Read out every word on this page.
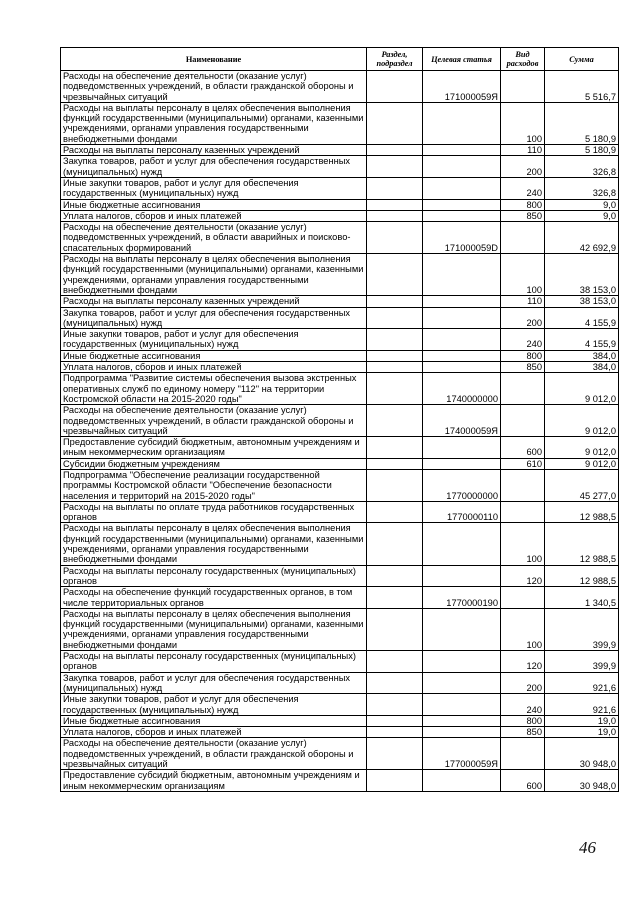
Наименование	Раздел, подраздел	Целевая статья	Вид расходов	Сумма
Расходы на обеспечение деятельности (оказание услуг) подведомственных учреждений, в области гражданской обороны и чрезвычайных ситуаций		171000059Я		5 516,7
Расходы на выплаты персоналу в целях обеспечения выполнения функций государственными (муниципальными) органами, казенными учреждениями, органами управления государственными внебюджетными фондами			100	5 180,9
Расходы на выплаты персоналу казенных учреждений			110	5 180,9
Закупка товаров, работ и услуг для обеспечения государственных (муниципальных) нужд			200	326,8
Иные закупки товаров, работ и услуг для обеспечения государственных (муниципальных) нужд			240	326,8
Иные бюджетные ассигнования			800	9,0
Уплата налогов, сборов и иных платежей			850	9,0
Расходы на обеспечение деятельности (оказание услуг) подведомственных учреждений, в области аварийных и поисково-спасательных формирований		171000059D		42 692,9
Расходы на выплаты персоналу в целях обеспечения выполнения функций государственными (муниципальными) органами, казенными учреждениями, органами управления государственными внебюджетными фондами			100	38 153,0
Расходы на выплаты персоналу казенных учреждений			110	38 153,0
Закупка товаров, работ и услуг для обеспечения государственных (муниципальных) нужд			200	4 155,9
Иные закупки товаров, работ и услуг для обеспечения государственных (муниципальных) нужд			240	4 155,9
Иные бюджетные ассигнования			800	384,0
Уплата налогов, сборов и иных платежей			850	384,0
Подпрограмма "Развитие системы обеспечения вызова экстренных оперативных служб по единому номеру "112" на территории Костромской области на 2015-2020 годы"		1740000000		9 012,0
Расходы на обеспечение деятельности (оказание услуг) подведомственных учреждений, в области гражданской обороны и чрезвычайных ситуаций		174000059Я		9 012,0
Предоставление субсидий бюджетным, автономным учреждениям и иным некоммерческим организациям			600	9 012,0
Субсидии бюджетным учреждениям			610	9 012,0
Подпрограмма "Обеспечение реализации государственной программы Костромской области "Обеспечение безопасности населения и территорий на 2015-2020 годы"		1770000000		45 277,0
Расходы на выплаты по оплате труда работников государственных органов		1770000110		12 988,5
Расходы на выплаты персоналу в целях обеспечения выполнения функций государственными (муниципальными) органами, казенными учреждениями, органами управления государственными внебюджетными фондами			100	12 988,5
Расходы на выплаты персоналу государственных (муниципальных) органов			120	12 988,5
Расходы на обеспечение функций государственных органов, в том числе территориальных органов		1770000190		1 340,5
Расходы на выплаты персоналу в целях обеспечения выполнения функций государственными (муниципальными) органами, казенными учреждениями, органами управления государственными внебюджетными фондами			100	399,9
Расходы на выплаты персоналу государственных (муниципальных) органов			120	399,9
Закупка товаров, работ и услуг для обеспечения государственных (муниципальных) нужд			200	921,6
Иные закупки товаров, работ и услуг для обеспечения государственных (муниципальных) нужд			240	921,6
Иные бюджетные ассигнования			800	19,0
Уплата налогов, сборов и иных платежей			850	19,0
Расходы на обеспечение деятельности (оказание услуг) подведомственных учреждений, в области гражданской обороны и чрезвычайных ситуаций		177000059Я		30 948,0
Предоставление субсидий бюджетным, автономным учреждениям и иным некоммерческим организациям			600	30 948,0
46
